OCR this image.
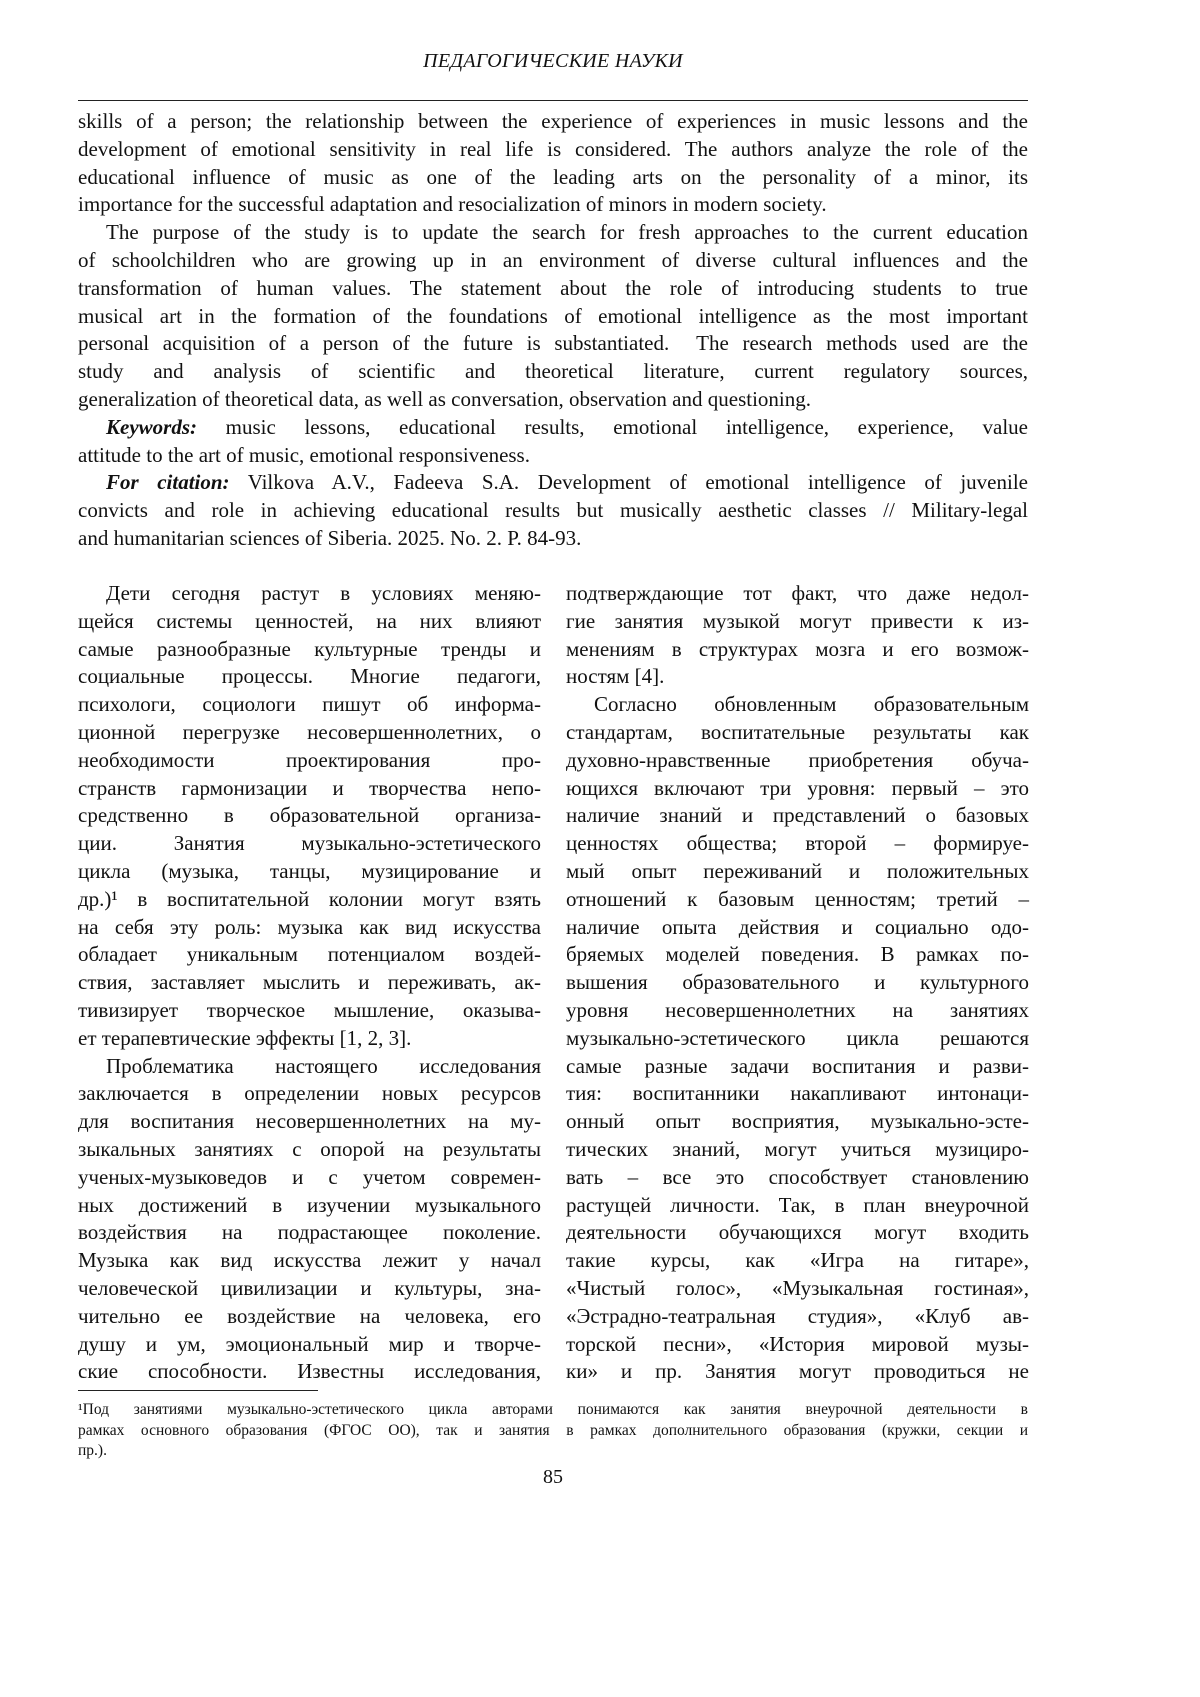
ПЕДАГОГИЧЕСКИЕ НАУКИ
skills of a person; the relationship between the experience of experiences in music lessons and the
development of emotional sensitivity in real life is considered. The authors analyze the role of the
educational influence of music as one of the leading arts on the personality of a minor, its
importance for the successful adaptation and resocialization of minors in modern society.
The purpose of the study is to update the search for fresh approaches to the current education
of schoolchildren who are growing up in an environment of diverse cultural influences and the
transformation of human values. The statement about the role of introducing students to true
musical art in the formation of the foundations of emotional intelligence as the most important
personal acquisition of a person of the future is substantiated.  The research methods used are the
study and analysis of scientific and theoretical literature, current regulatory sources,
generalization of theoretical data, as well as conversation, observation and questioning.
Keywords: music lessons, educational results, emotional intelligence, experience, value
attitude to the art of music, emotional responsiveness.
For citation: Vilkova A.V., Fadeeva S.A. Development of emotional intelligence of juvenile
convicts and role in achieving educational results but musically aesthetic classes // Military-legal
and humanitarian sciences of Siberia. 2025. No. 2. P. 84-93.
Дети сегодня растут в условиях меняю-
щейся системы ценностей, на них влияют
самые разнообразные культурные тренды и
социальные процессы. Многие педагоги,
психологи, социологи пишут об информа-
ционной перегрузке несовершеннолетних, о
необходимости проектирования про-
странств гармонизации и творчества непо-
средственно в образовательной организа-
ции. Занятия музыкально-эстетического
цикла (музыка, танцы, музицирование и
др.)¹ в воспитательной колонии могут взять
на себя эту роль: музыка как вид искусства
обладает уникальным потенциалом воздей-
ствия, заставляет мыслить и переживать, ак-
тивизирует творческое мышление, оказыва-
ет терапевтические эффекты [1, 2, 3].
Проблематика настоящего исследования
заключается в определении новых ресурсов
для воспитания несовершеннолетних на му-
зыкальных занятиях с опорой на результаты
ученых-музыковедов и с учетом современ-
ных достижений в изучении музыкального
воздействия на подрастающее поколение.
Музыка как вид искусства лежит у начал
человеческой цивилизации и культуры, зна-
чительно ее воздействие на человека, его
душу и ум, эмоциональный мир и творче-
ские способности. Известны исследования,
подтверждающие тот факт, что даже недол-
гие занятия музыкой могут привести к из-
менениям в структурах мозга и его возмож-
ностям [4].
Согласно обновленным образовательным
стандартам, воспитательные результаты как
духовно-нравственные приобретения обуча-
ющихся включают три уровня: первый – это
наличие знаний и представлений о базовых
ценностях общества; второй – формируе-
мый опыт переживаний и положительных
отношений к базовым ценностям; третий –
наличие опыта действия и социально одо-
бряемых моделей поведения. В рамках по-
вышения образовательного и культурного
уровня несовершеннолетних на занятиях
музыкально-эстетического цикла решаются
самые разные задачи воспитания и разви-
тия: воспитанники накапливают интонаци-
онный опыт восприятия, музыкально-эсте-
тических знаний, могут учиться музициро-
вать – все это способствует становлению
растущей личности. Так, в план внеурочной
деятельности обучающихся могут входить
такие курсы, как «Игра на гитаре»,
«Чистый голос», «Музыкальная гостиная»,
«Эстрадно-театральная студия», «Клуб ав-
торской песни», «История мировой музы-
ки» и пр. Занятия могут проводиться не
¹Под занятиями музыкально-эстетического цикла авторами понимаются как занятия внеурочной деятельности в
рамках основного образования (ФГОС ОО), так и занятия в рамках дополнительного образования (кружки, секции и
пр.).
85
